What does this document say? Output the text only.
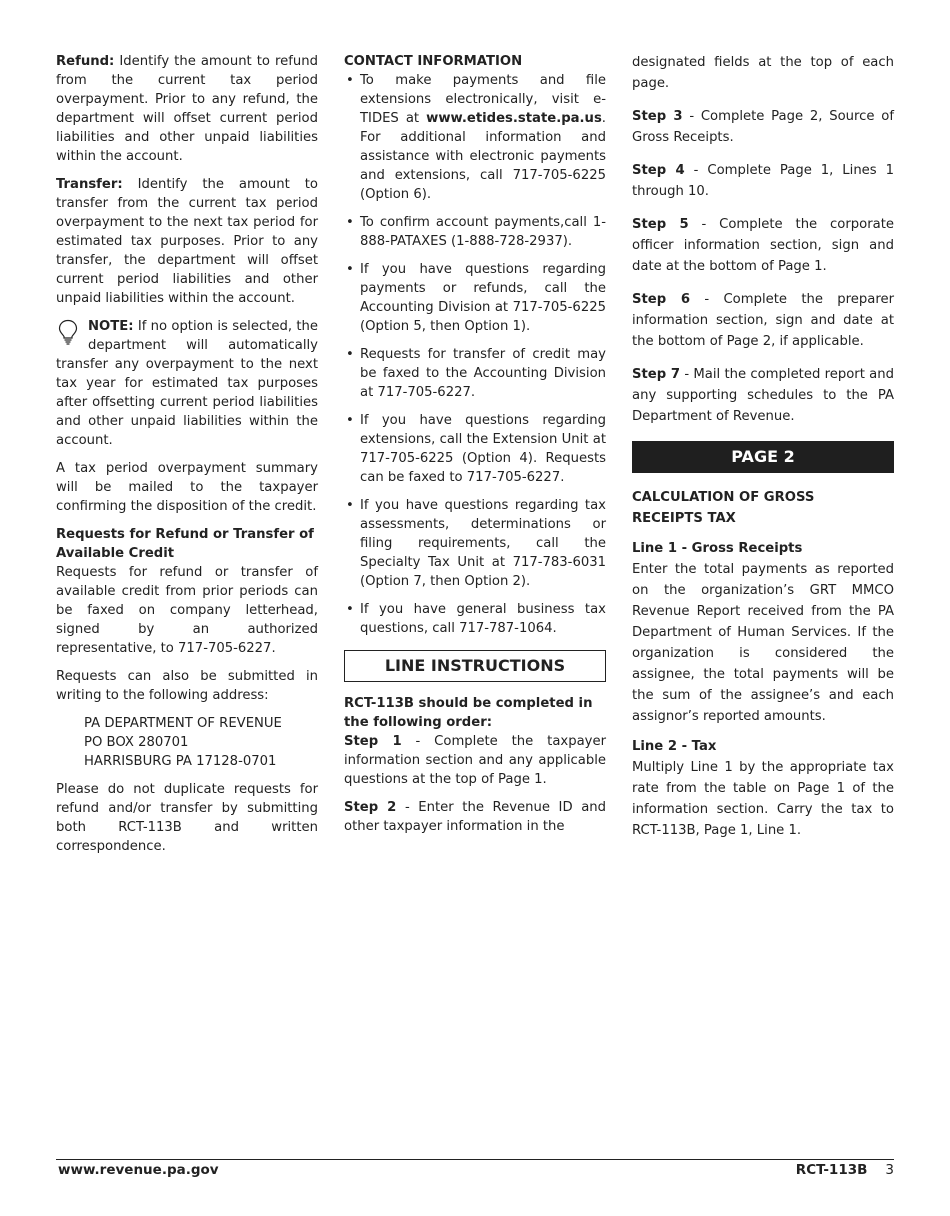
Refund: Identify the amount to refund from the current tax period overpayment. Prior to any refund, the department will offset current period liabilities and other unpaid liabilities within the account.

Transfer: Identify the amount to transfer from the current tax period overpayment to the next tax period for estimated tax purposes. Prior to any transfer, the department will offset current period liabilities and other unpaid liabilities within the account.

NOTE: If no option is selected, the department will automatically transfer any overpayment to the next tax year for estimated tax purposes after offsetting current period liabilities and other unpaid liabilities within the account.

A tax period overpayment summary will be mailed to the taxpayer confirming the disposition of the credit.

Requests for Refund or Transfer of Available Credit

Requests for refund or transfer of available credit from prior periods can be faxed on company letterhead, signed by an authorized representative, to 717-705-6227.

Requests can also be submitted in writing to the following address:

PA DEPARTMENT OF REVENUE
PO BOX 280701
HARRISBURG PA 17128-0701

Please do not duplicate requests for refund and/or transfer by submitting both RCT-113B and written correspondence.

CONTACT INFORMATION
• To make payments and file extensions electronically, visit e-TIDES at www.etides.state.pa.us. For additional information and assistance with electronic payments and extensions, call 717-705-6225 (Option 6).
• To confirm account payments,call 1-888-PATAXES (1-888-728-2937).
• If you have questions regarding payments or refunds, call the Accounting Division at 717-705-6225 (Option 5, then Option 1).
• Requests for transfer of credit may be faxed to the Accounting Division at 717-705-6227.
• If you have questions regarding extensions, call the Extension Unit at 717-705-6225 (Option 4). Requests can be faxed to 717-705-6227.
• If you have questions regarding tax assessments, determinations or filing requirements, call the Specialty Tax Unit at 717-783-6031 (Option 7, then Option 2).
• If you have general business tax questions, call 717-787-1064.
LINE INSTRUCTIONS
RCT-113B should be completed in the following order:

Step 1 - Complete the taxpayer information section and any applicable questions at the top of Page 1.

Step 2 - Enter the Revenue ID and other taxpayer information in the

designated fields at the top of each page.

Step 3 - Complete Page 2, Source of Gross Receipts.

Step 4 - Complete Page 1, Lines 1 through 10.

Step 5 - Complete the corporate officer information section, sign and date at the bottom of Page 1.

Step 6 - Complete the preparer information section, sign and date at the bottom of Page 2, if applicable.

Step 7 - Mail the completed report and any supporting schedules to the PA Department of Revenue.

PAGE 2
CALCULATION OF GROSS
RECEIPTS TAX
Line 1 - Gross Receipts

Enter the total payments as reported on the organization’s GRT MMCO Revenue Report received from the PA Department of Human Services. If the organization is considered the assignee, the total payments will be the sum of the assignee’s and each assignor’s reported amounts.

Line 2 - Tax

Multiply Line 1 by the appropriate tax rate from the table on Page 1 of the information section. Carry the tax to RCT-113B, Page 1, Line 1.

www.revenue.pa.gov	RCT-113B 3
